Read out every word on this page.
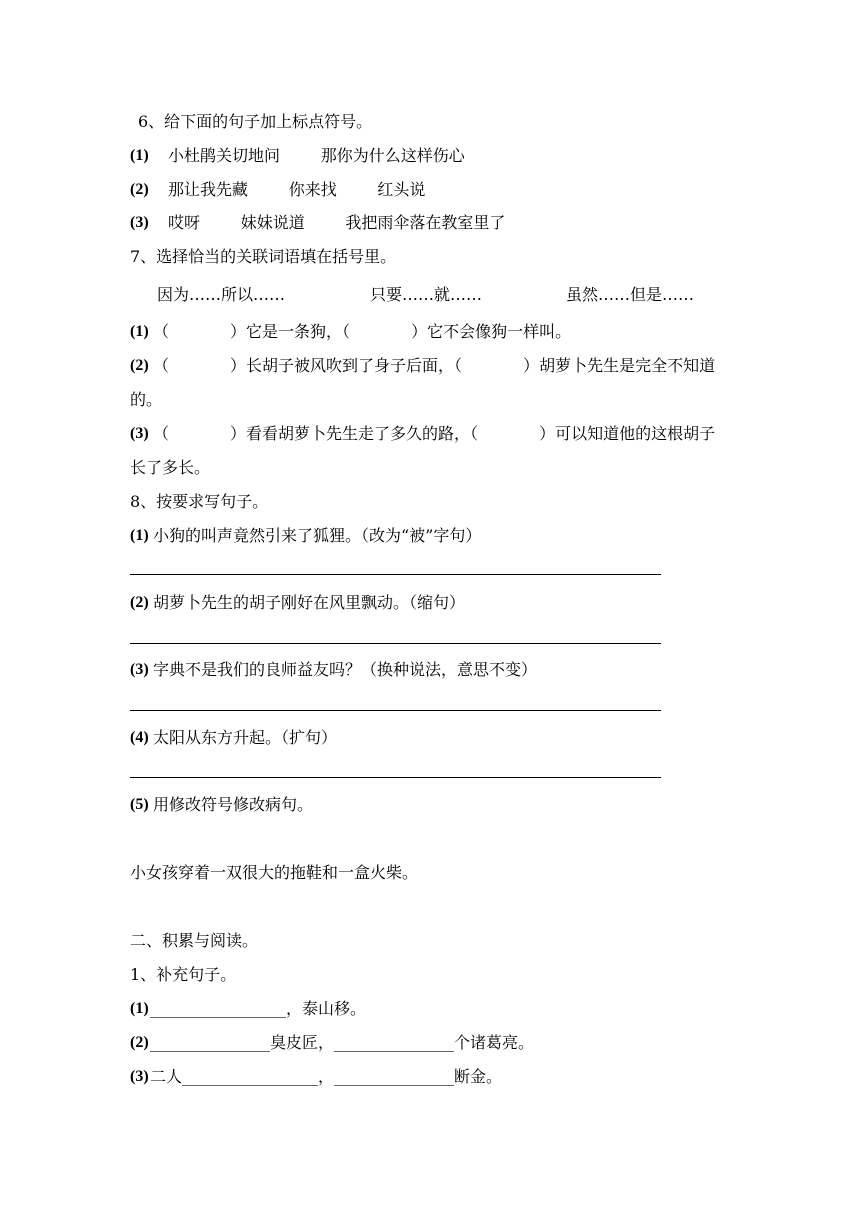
6、给下面的句子加上标点符号。
(1) 小杜鹃关切地问        那你为什么这样伤心
(2) 那让我先藏        你来找        红头说
(3) 哎呀        妹妹说道        我把雨伞落在教室里了
7、选择恰当的关联词语填在括号里。
因为……所以……	只要……就……	虽然……但是……
(1) （            ）它是一条狗，（            ）它不会像狗一样叫。
(2) （            ）长胡子被风吹到了身子后面，（            ）胡萝卜先生是完全不知道
的。
(3) （            ）看看胡萝卜先生走了多久的路，（            ）可以知道他的这根胡子
长了多长。
8、按要求写句子。
(1) 小狗的叫声竟然引来了狐狸。（改为“被”字句）
(2) 胡萝卜先生的胡子刚好在风里飘动。（缩句）
(3) 字典不是我们的良师益友吗？（换种说法，意思不变）
(4) 太阳从东方升起。（扩句）
(5) 用修改符号修改病句。
小女孩穿着一双很大的拖鞋和一盒火柴。
二、积累与阅读。
1、补充句子。
(1) _________________，泰山移。
(2) _______________臭皮匠，_______________个诸葛亮。
(3) 二人_________________，_______________断金。
